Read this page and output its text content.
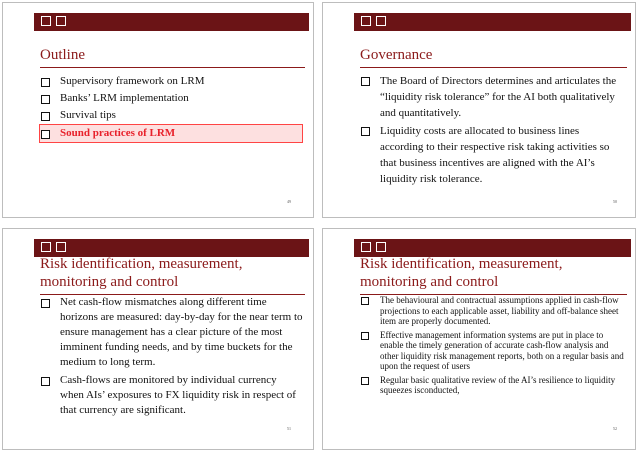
Outline
Supervisory framework on LRM
Banks’ LRM implementation
Survival tips
Sound practices of LRM
49
Governance
The Board of Directors determines and articulates the “liquidity risk tolerance” for the AI both qualitatively and quantitatively.
Liquidity costs are allocated to business lines according to their respective risk taking activities so that business incentives are aligned with the AI’s liquidity risk tolerance.
50
Risk identification, measurement, monitoring and control
Net cash-flow mismatches along different time horizons are measured: day-by-day for the near term to ensure management has a clear picture of the most imminent funding needs, and by time buckets for the medium to long term.
Cash-flows are monitored by individual currency when AIs’ exposures to FX liquidity risk in respect of that currency are significant.
51
Risk identification, measurement, monitoring and control
The behavioural and contractual assumptions applied in cash-flow projections to each applicable asset, liability and off-balance sheet item are properly documented.
Effective management information systems are put in place to enable the timely generation of accurate cash-flow analysis and other liquidity risk management reports, both on a regular basis and upon the request of users
Regular basic qualitative review of the AI’s resilience to liquidity squeezes isconducted,
52
